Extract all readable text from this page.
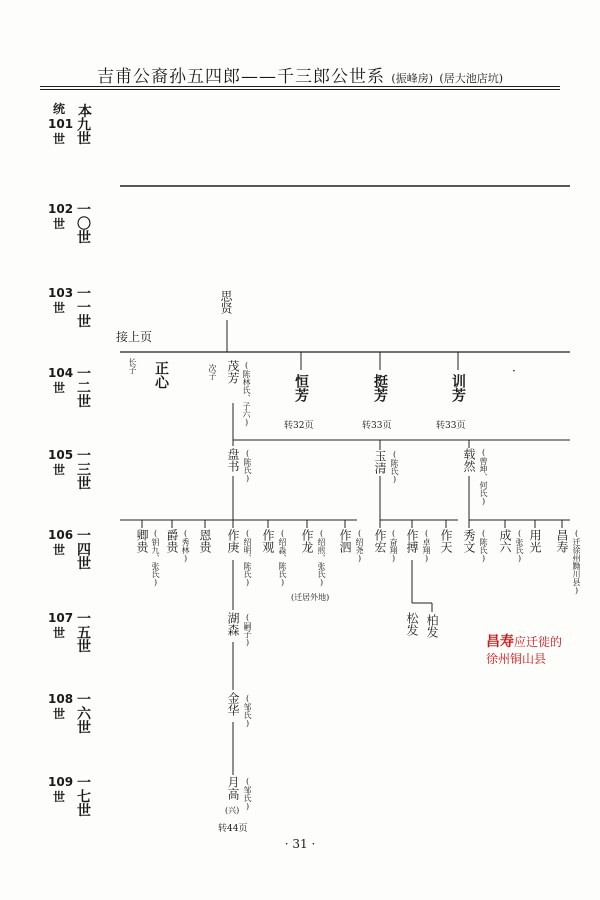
吉甫公裔孙五四郎——千三郎公世系 (振峰房) (居大池店坑)
统 本
101
世 九世
102
世 一〇世
103
世 一一世
104
世 一二世
105
世 一三世
106
世 一四世
107
世 一五世
108
世 一六世
109
世 一七世
接上页
思贤
长子 正心	次子 茂芳 (陈林氏、子六)	恒芳	挺芳	训芳
转32页	转33页	转33页
·
盘书 (陈氏)	玉清 (陈氏)	载然 (曾坤、何氏)
卿贵 (钥九、张氏) 爵贵 (秀林) 恩贵 作庚 (绍明、陈氏) 作观 (绍淼、陈氏) 作龙 (绍煎、张氏) 作泗 (绍尧)
(迁居外地)
作宏 (奋翔) 作搏 (卓翔) 作天 秀文 (陈氏) 成六 (张氏) 用光 昌寿 (迁徐州黝川县)
湖森 (嗣子)	松发 柏发
昌寿应迁徙的
徐州铜山县
金华 (邹氏)
月高
(兴) (邹氏)
转44页
· 31 ·
